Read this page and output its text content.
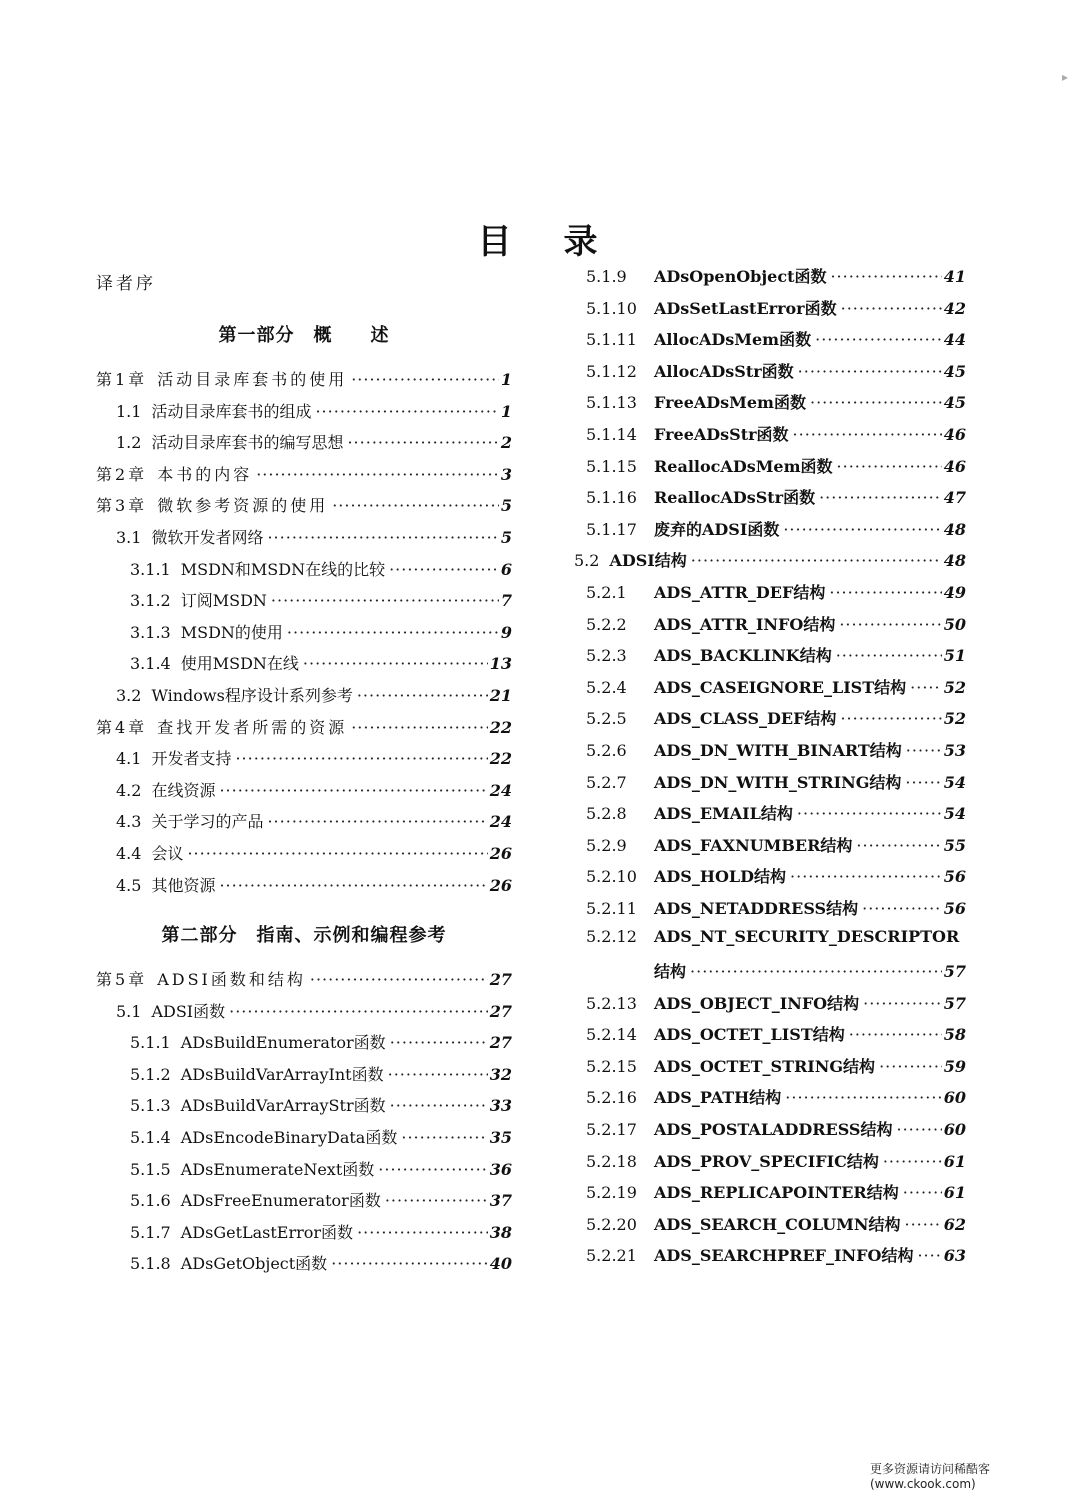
目录
▸
译者序
第一部分　概　　述
第1章 活动目录库套书的使用 ·····	1
1.1 活动目录库套书的组成 ·····	1
1.2 活动目录库套书的编写思想 ·····	2
第2章 本书的内容 ·····	3
第3章 微软参考资源的使用 ·····	5
3.1 微软开发者网络 ·····	5
3.1.1 MSDN和MSDN在线的比较 ·····	6
3.1.2 订阅MSDN ·····	7
3.1.3 MSDN的使用 ·····	9
3.1.4 使用MSDN在线 ·····	13
3.2 Windows程序设计系列参考 ·····	21
第4章 查找开发者所需的资源 ·····	22
4.1 开发者支持 ·····	22
4.2 在线资源 ·····	24
4.3 关于学习的产品 ·····	24
4.4 会议 ·····	26
4.5 其他资源 ·····	26
第二部分　指南、示例和编程参考
第5章 ADSI函数和结构 ·····	27
5.1 ADSI函数 ·····	27
5.1.1 ADsBuildEnumerator函数 ·····	27
5.1.2 ADsBuildVarArrayInt函数 ·····	32
5.1.3 ADsBuildVarArrayStr函数 ·····	33
5.1.4 ADsEncodeBinaryData函数 ·····	35
5.1.5 ADsEnumerateNext函数 ·····	36
5.1.6 ADsFreeEnumerator函数 ·····	37
5.1.7 ADsGetLastError函数 ·····	38
5.1.8 ADsGetObject函数 ·····	40
5.1.9	ADsOpenObject函数 ·····	41
5.1.10	ADsSetLastError函数 ·····	42
5.1.11	AllocADsMem函数 ·····	44
5.1.12	AllocADsStr函数 ·····	45
5.1.13	FreeADsMem函数 ·····	45
5.1.14	FreeADsStr函数 ·····	46
5.1.15	ReallocADsMem函数 ·····	46
5.1.16	ReallocADsStr函数 ·····	47
5.1.17	废弃的ADSI函数 ·····	48
5.2 ADSI结构 ·····	48
5.2.1	ADS_ATTR_DEF结构 ·····	49
5.2.2	ADS_ATTR_INFO结构 ·····	50
5.2.3	ADS_BACKLINK结构 ·····	51
5.2.4	ADS_CASEIGNORE_LIST结构 ····· 52
5.2.5	ADS_CLASS_DEF结构 ·····	52
5.2.6	ADS_DN_WITH_BINART结构 ·····	53
5.2.7	ADS_DN_WITH_STRING结构 ·····	54
5.2.8	ADS_EMAIL结构 ·····	54
5.2.9	ADS_FAXNUMBER结构 ·····	55
5.2.10	ADS_HOLD结构 ·····	56
5.2.11	ADS_NETADDRESS结构 ·····	56
5.2.12	ADS_NT_SECURITY_DESCRIPTOR
结构 ·····	57
5.2.13	ADS_OBJECT_INFO结构 ·····	57
5.2.14	ADS_OCTET_LIST结构 ·····	58
5.2.15	ADS_OCTET_STRING结构 ·····	59
5.2.16	ADS_PATH结构 ·····	60
5.2.17	ADS_POSTALADDRESS结构 ·····	60
5.2.18	ADS_PROV_SPECIFIC结构 ·····	61
5.2.19	ADS_REPLICAPOINTER结构 ·····	61
5.2.20	ADS_SEARCH_COLUMN结构 ·····	62
5.2.21	ADS_SEARCHPREF_INFO结构 ····· 63
更多资源请访问稀酷客(www.ckook.com)
